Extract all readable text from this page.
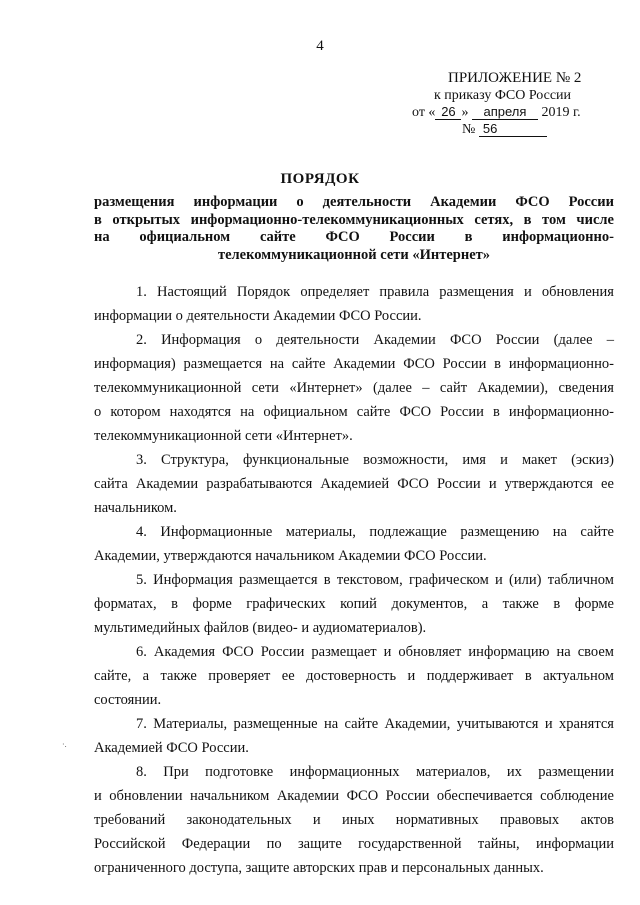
4
ПРИЛОЖЕНИЕ № 2
к приказу ФСО России
от « 26 » апреля 2019 г.
№ 56
ПОРЯДОК
размещения информации о деятельности Академии ФСО России
в открытых информационно-телекоммуникационных сетях, в том числе
на официальном сайте ФСО России в информационно-
телекоммуникационной сети «Интернет»
1. Настоящий Порядок определяет правила размещения и обновления
информации о деятельности Академии ФСО России.
2. Информация о деятельности Академии ФСО России (далее –
информация) размещается на сайте Академии ФСО России в информационно-
телекоммуникационной сети «Интернет» (далее – сайт Академии), сведения
о котором находятся на официальном сайте ФСО России в информационно-
телекоммуникационной сети «Интернет».
3. Структура, функциональные возможности, имя и макет (эскиз)
сайта Академии разрабатываются Академией ФСО России и утверждаются ее
начальником.
4. Информационные материалы, подлежащие размещению на сайте
Академии, утверждаются начальником Академии ФСО России.
5. Информация размещается в текстовом, графическом и (или) табличном
форматах, в форме графических копий документов, а также в форме
мультимедийных файлов (видео- и аудиоматериалов).
6. Академия ФСО России размещает и обновляет информацию на своем
сайте, а также проверяет ее достоверность и поддерживает в актуальном
состоянии.
7. Материалы, размещенные на сайте Академии, учитываются и хранятся
Академией ФСО России.
8. При подготовке информационных материалов, их размещении
и обновлении начальником Академии ФСО России обеспечивается соблюдение
требований законодательных и иных нормативных правовых актов
Российской Федерации по защите государственной тайны, информации
ограниченного доступа, защите авторских прав и персональных данных.
·.
